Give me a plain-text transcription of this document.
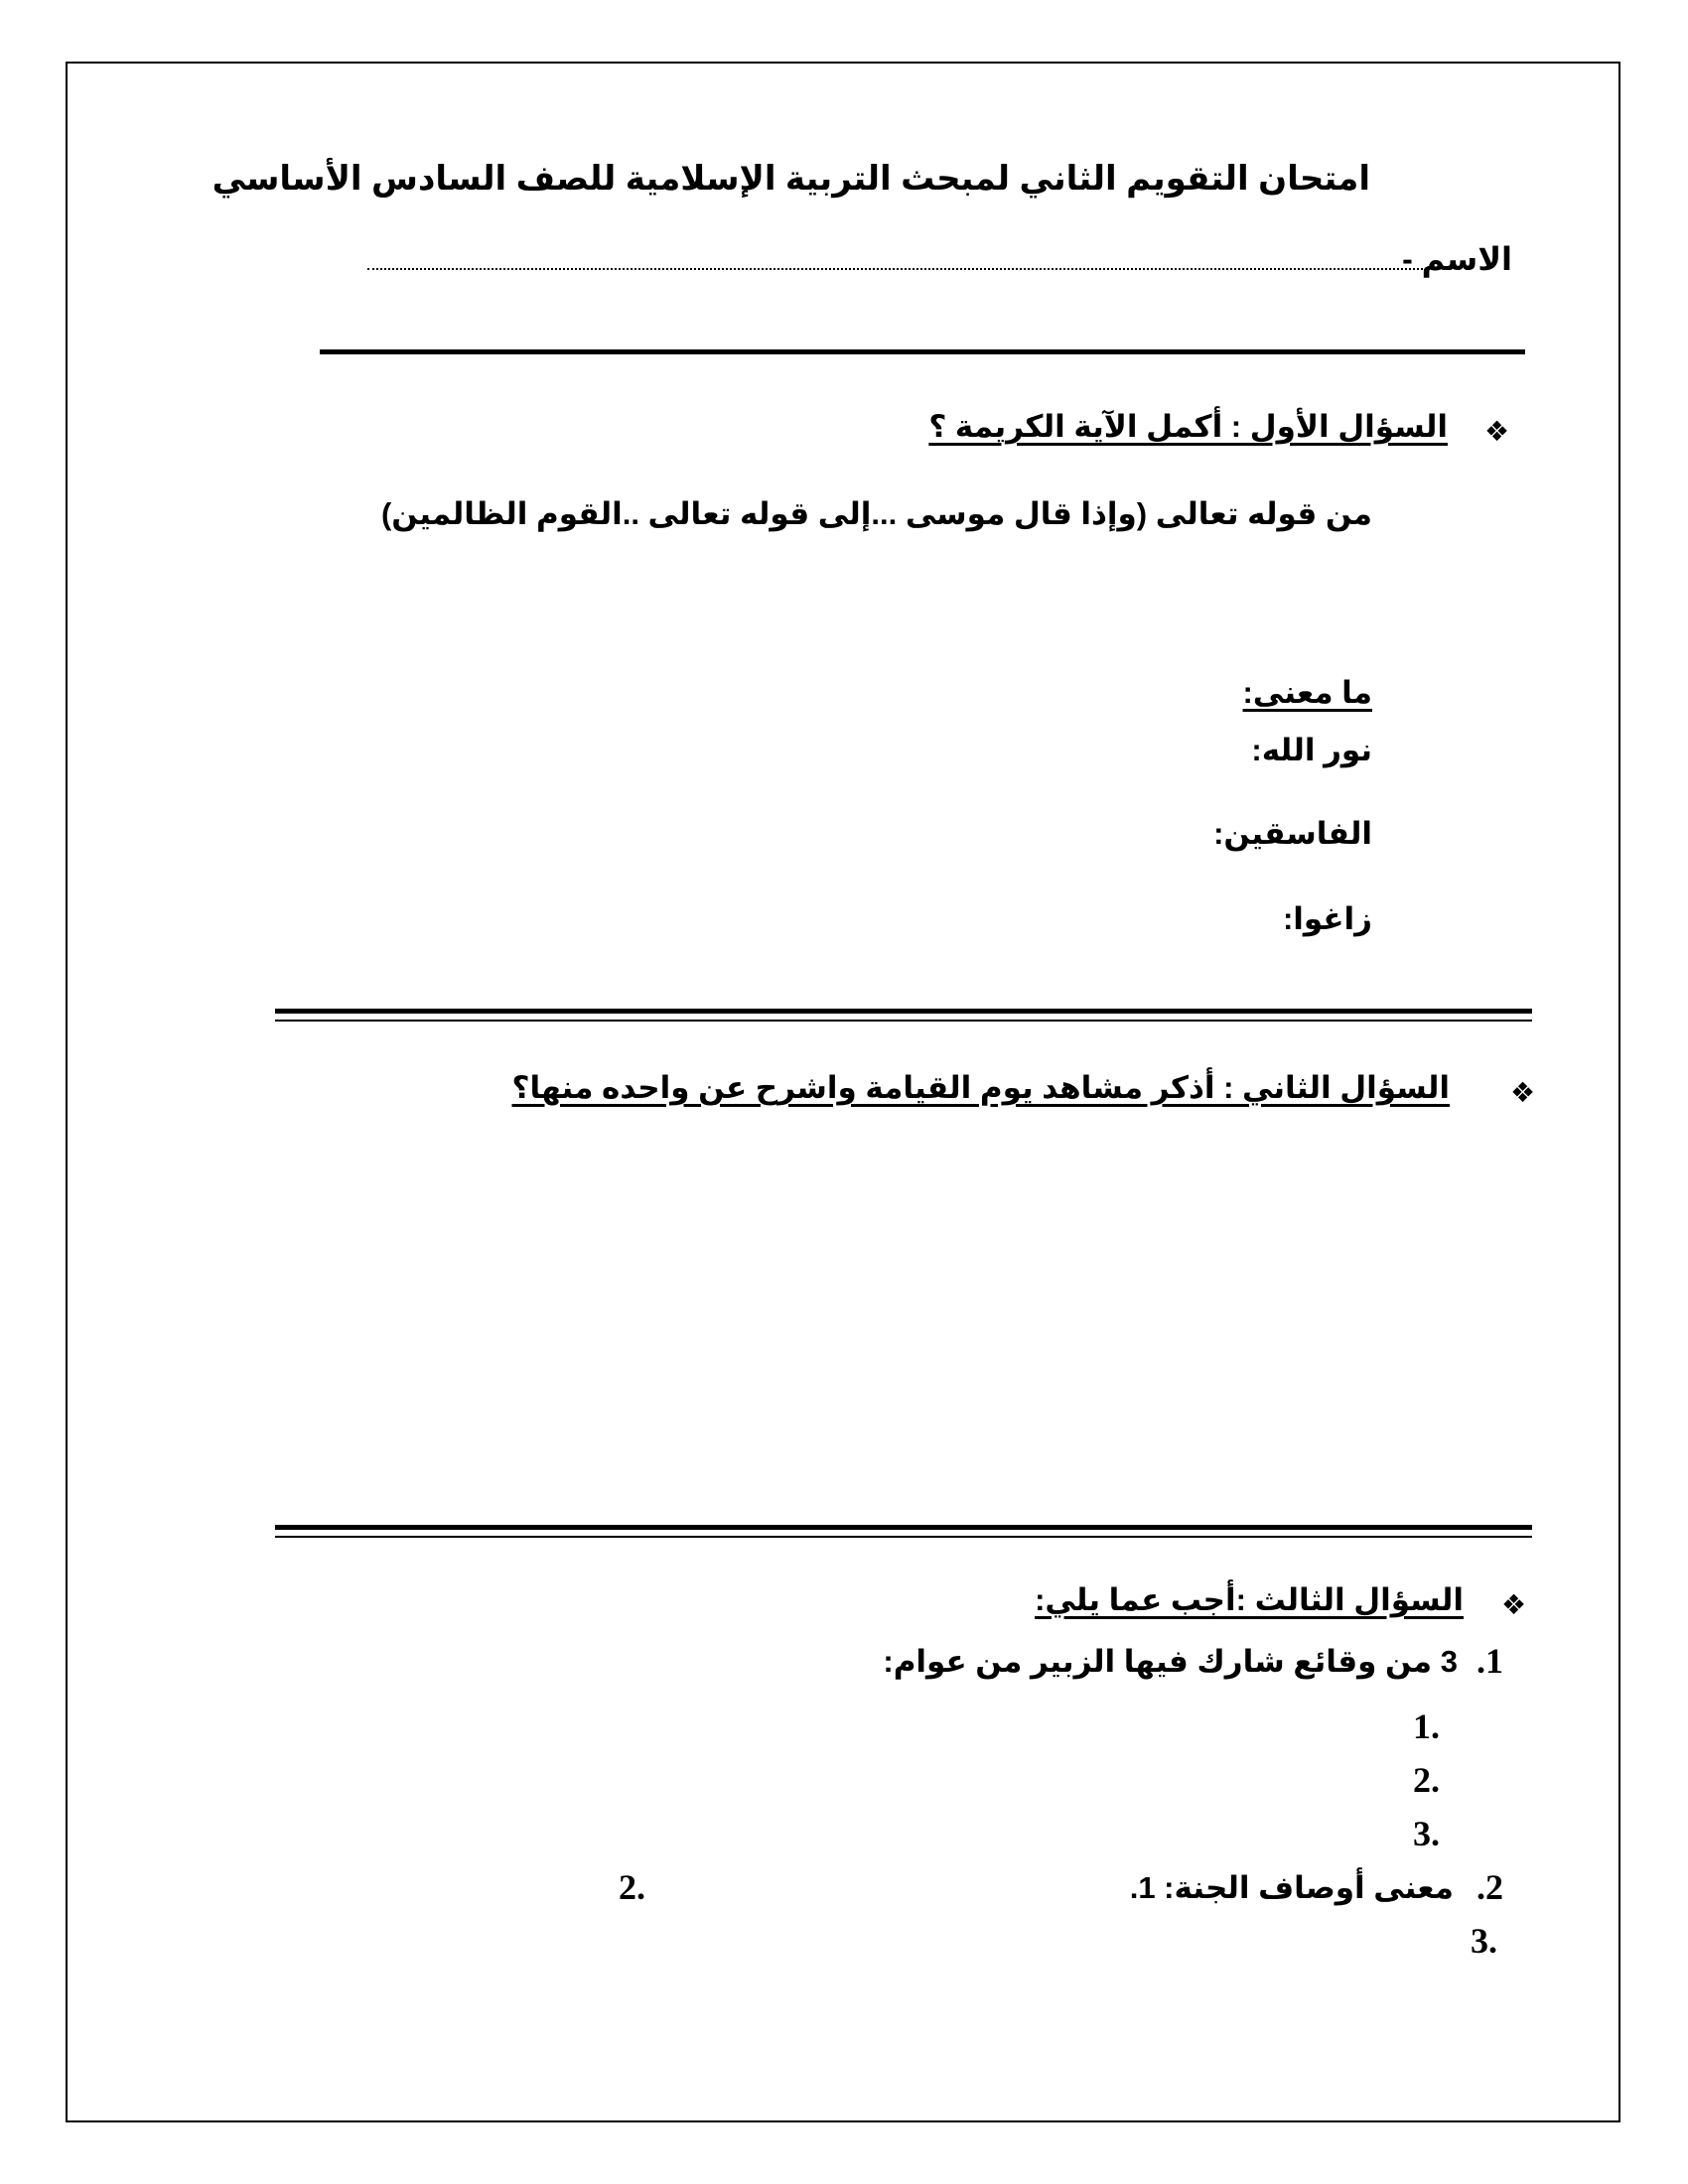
امتحان التقويم الثاني لمبحث التربية الإسلامية للصف السادس الأساسي
الاسم -
❖
السؤال الأول : أكمل الآية الكريمة ؟
من قوله تعالى (وإذا قال موسى ...إلى قوله تعالى ..القوم الظالمين)
ما معنى:
نور الله:
الفاسقين:
زاغوا:
❖
السؤال الثاني : أذكر مشاهد يوم القيامة واشرح عن واحده منها؟
❖
السؤال الثالث :أجب عما يلي:
1.
3 من وقائع شارك فيها الزبير من عوام:
.1
.2
.3
2.
معنى أوصاف الجنة: 1.
.2
.3
